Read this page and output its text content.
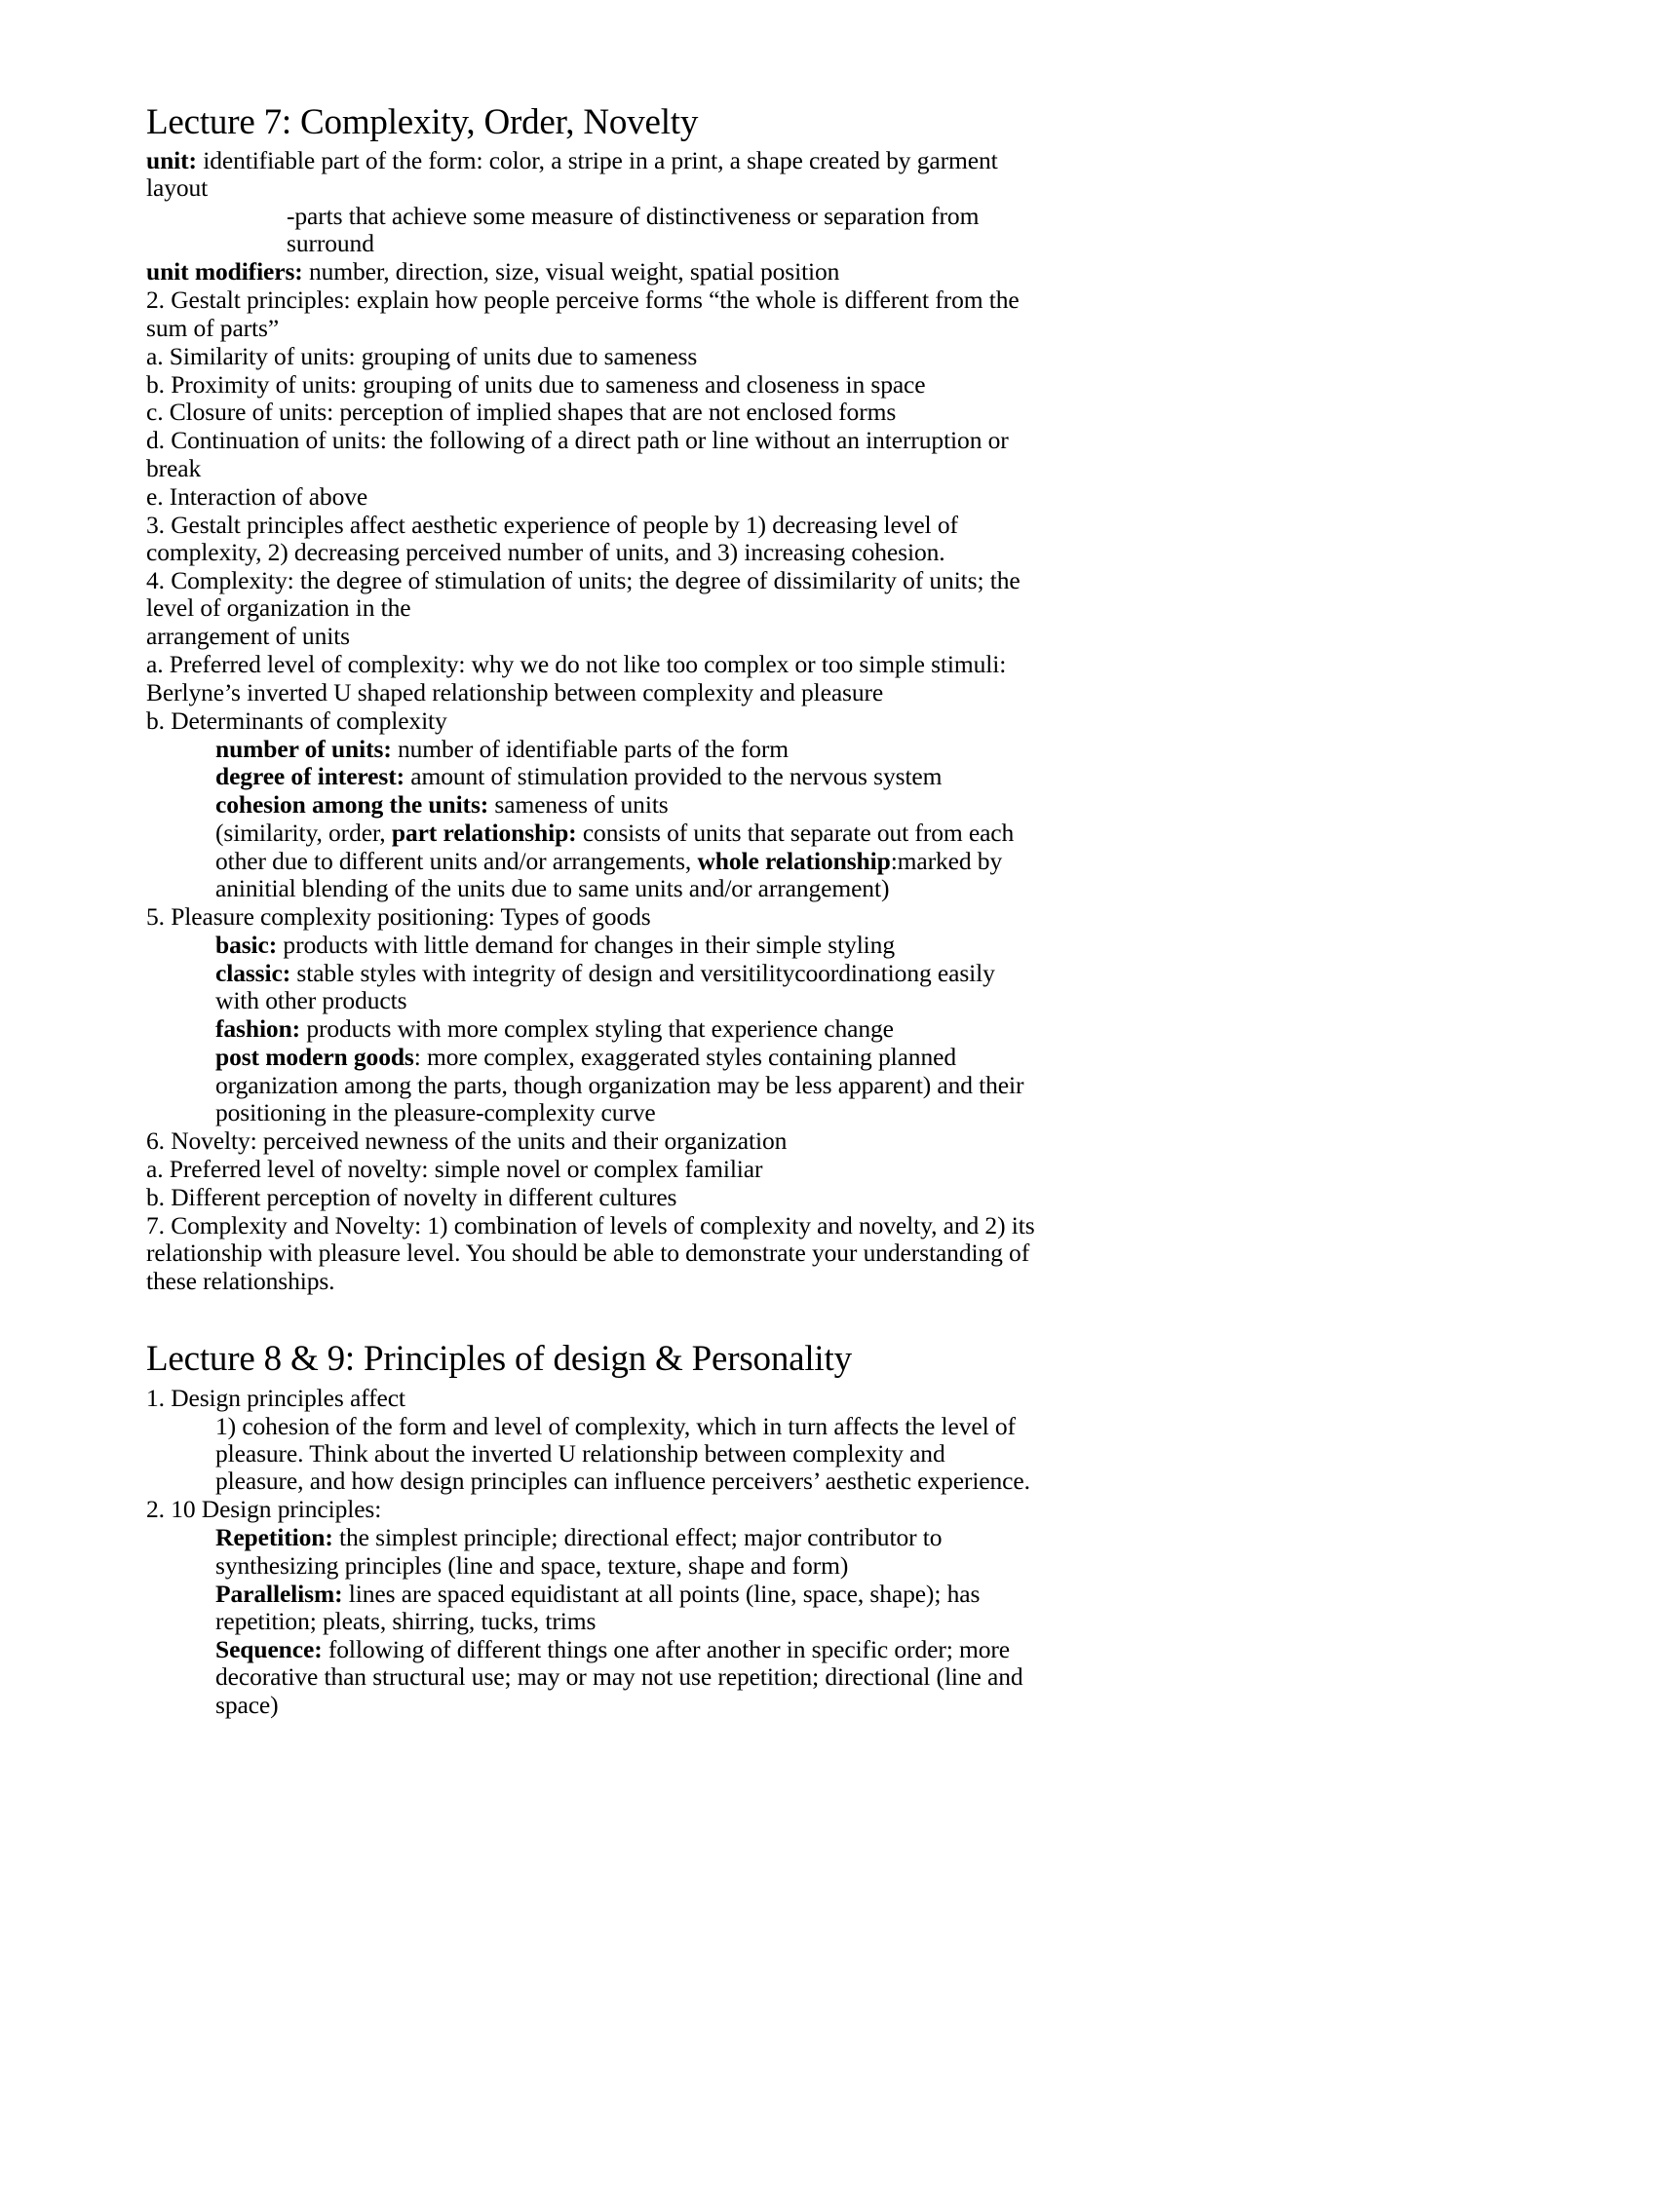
Lecture 7: Complexity, Order, Novelty

unit: identifiable part of the form: color, a stripe in a print, a shape created by garment layout

-parts that achieve some measure of distinctiveness or separation from surround

unit modifiers: number, direction, size, visual weight, spatial position

2. Gestalt principles: explain how people perceive forms “the whole is different from the sum of parts”

a. Similarity of units: grouping of units due to sameness

b. Proximity of units: grouping of units due to sameness and closeness in space

c. Closure of units: perception of implied shapes that are not enclosed forms

d. Continuation of units: the following of a direct path or line without an interruption or break

e. Interaction of above

3. Gestalt principles affect aesthetic experience of people by 1) decreasing level of complexity, 2) decreasing perceived number of units, and 3) increasing cohesion.

4. Complexity: the degree of stimulation of units; the degree of dissimilarity of units; the level of organization in the

arrangement of units

a. Preferred level of complexity: why we do not like too complex or too simple stimuli: Berlyne’s inverted U shaped relationship between complexity and pleasure

b. Determinants of complexity

number of units: number of identifiable parts of the form

degree of interest: amount of stimulation provided to the nervous system

cohesion among the units: sameness of units

(similarity, order, part relationship: consists of units that separate out from each other due to different units and/or arrangements, whole relationship:marked by aninitial blending of the units due to same units and/or arrangement)

5. Pleasure complexity positioning: Types of goods

basic: products with little demand for changes in their simple styling

classic: stable styles with integrity of design and versitilitycoordinationg easily with other products

fashion: products with more complex styling that experience change

post modern goods: more complex, exaggerated styles containing planned organization among the parts, though organization may be less apparent) and their positioning in the pleasure-complexity curve

6. Novelty: perceived newness of the units and their organization

a. Preferred level of novelty: simple novel or complex familiar

b. Different perception of novelty in different cultures

7. Complexity and Novelty: 1) combination of levels of complexity and novelty, and 2) its relationship with pleasure level. You should be able to demonstrate your understanding of these relationships.

Lecture 8 & 9: Principles of design & Personality

1. Design principles affect

1) cohesion of the form and level of complexity, which in turn affects the level of pleasure. Think about the inverted U relationship between complexity and pleasure, and how design principles can influence perceivers’ aesthetic experience.

2. 10 Design principles:

Repetition: the simplest principle; directional effect; major contributor to synthesizing principles (line and space, texture, shape and form)

Parallelism: lines are spaced equidistant at all points (line, space, shape); has repetition; pleats, shirring, tucks, trims

Sequence: following of different things one after another in specific order; more decorative than structural use; may or may not use repetition; directional (line and space)
